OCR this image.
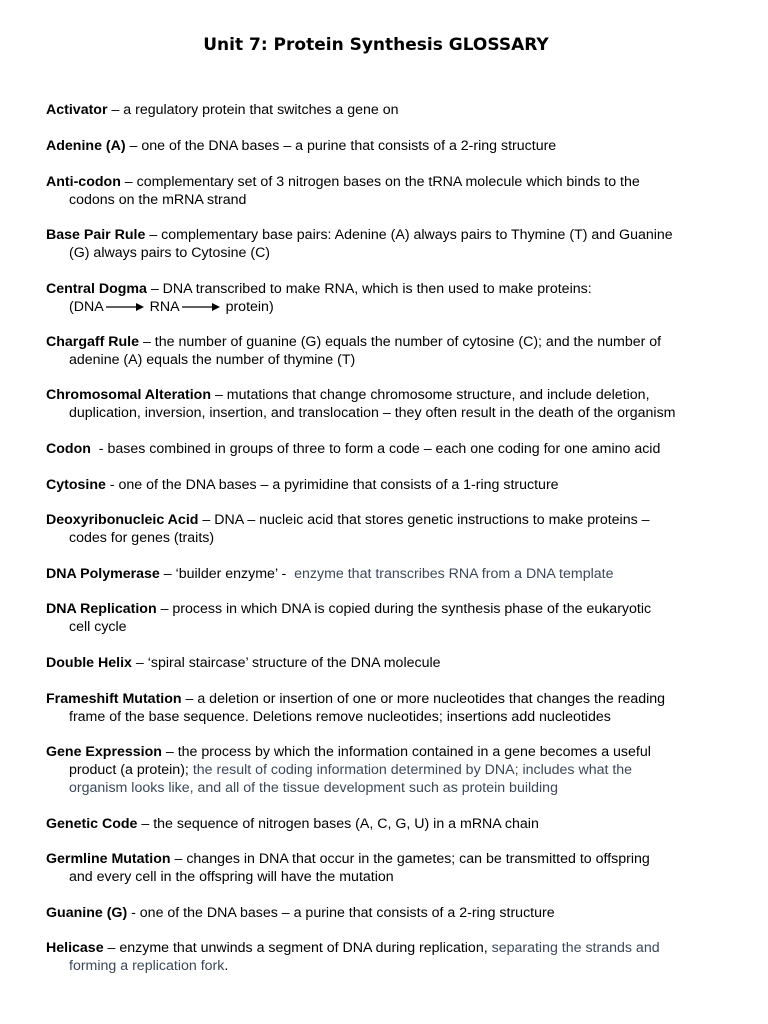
Unit 7: Protein Synthesis GLOSSARY
Activator – a regulatory protein that switches a gene on
Adenine (A) – one of the DNA bases – a purine that consists of a 2-ring structure
Anti-codon – complementary set of 3 nitrogen bases on the tRNA molecule which binds to the
codons on the mRNA strand
Base Pair Rule – complementary base pairs: Adenine (A) always pairs to Thymine (T) and Guanine
(G) always pairs to Cytosine (C)
Central Dogma – DNA transcribed to make RNA, which is then used to make proteins:
(DNA	RNA	protein)
Chargaff Rule – the number of guanine (G) equals the number of cytosine (C); and the number of
adenine (A) equals the number of thymine (T)
Chromosomal Alteration – mutations that change chromosome structure, and include deletion,
duplication, inversion, insertion, and translocation – they often result in the death of the organism
Codon  - bases combined in groups of three to form a code – each one coding for one amino acid
Cytosine - one of the DNA bases – a pyrimidine that consists of a 1-ring structure
Deoxyribonucleic Acid – DNA – nucleic acid that stores genetic instructions to make proteins –
codes for genes (traits)
DNA Polymerase – ‘builder enzyme’ -  enzyme that transcribes RNA from a DNA template
DNA Replication – process in which DNA is copied during the synthesis phase of the eukaryotic
cell cycle
Double Helix – ‘spiral staircase’ structure of the DNA molecule
Frameshift Mutation – a deletion or insertion of one or more nucleotides that changes the reading
frame of the base sequence. Deletions remove nucleotides; insertions add nucleotides
Gene Expression – the process by which the information contained in a gene becomes a useful
product (a protein); the result of coding information determined by DNA; includes what the
organism looks like, and all of the tissue development such as protein building
Genetic Code – the sequence of nitrogen bases (A, C, G, U) in a mRNA chain
Germline Mutation – changes in DNA that occur in the gametes; can be transmitted to offspring
and every cell in the offspring will have the mutation
Guanine (G) - one of the DNA bases – a purine that consists of a 2-ring structure
Helicase – enzyme that unwinds a segment of DNA during replication, separating the strands and
forming a replication fork.
